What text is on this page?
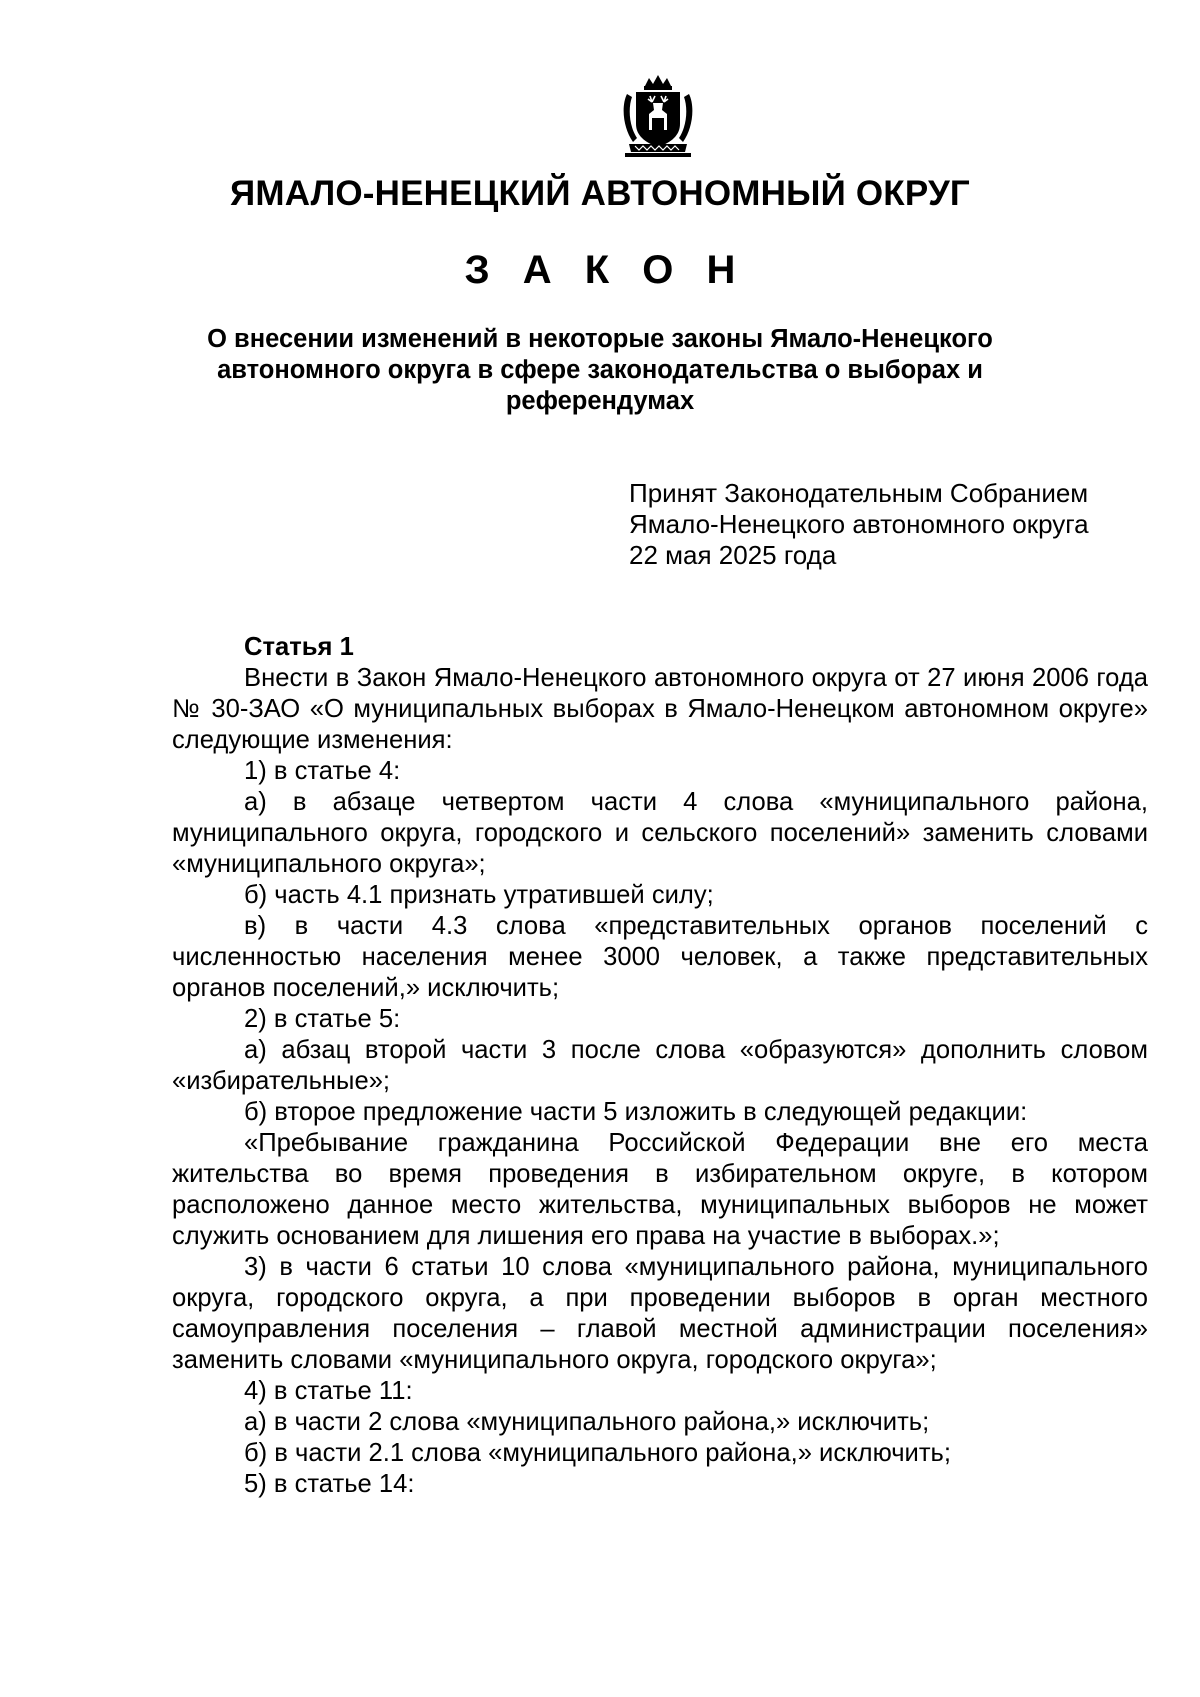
ЯМАЛО-НЕНЕЦКИЙ АВТОНОМНЫЙ ОКРУГ
З А К О Н
О внесении изменений в некоторые законы Ямало-Ненецкого автономного округа в сфере законодательства о выборах и референдумах
Принят Законодательным Собранием
Ямало-Ненецкого автономного округа
22 мая 2025 года

Статья 1

Внести в Закон Ямало-Ненецкого автономного округа от 27 июня 2006 года № 30-ЗАО «О муниципальных выборах в Ямало-Ненецком автономном округе» следующие изменения:

1) в статье 4:

а) в абзаце четвертом части 4 слова «муниципального района, муниципального округа, городского и сельского поселений» заменить словами «муниципального округа»;

б) часть 4.1 признать утратившей силу;

в) в части 4.3 слова «представительных органов поселений с численностью населения менее 3000 человек, а также представительных органов поселений,» исключить;

2) в статье 5:

а) абзац второй части 3 после слова «образуются» дополнить словом «избирательные»;

б) второе предложение части 5 изложить в следующей редакции:

«Пребывание гражданина Российской Федерации вне его места жительства во время проведения в избирательном округе, в котором расположено данное место жительства, муниципальных выборов не может служить основанием для лишения его права на участие в выборах.»;

3) в части 6 статьи 10 слова «муниципального района, муниципального округа, городского округа, а при проведении выборов в орган местного самоуправления поселения – главой местной администрации поселения» заменить словами «муниципального округа, городского округа»;

4) в статье 11:

а) в части 2 слова «муниципального района,» исключить;

б) в части 2.1 слова «муниципального района,» исключить;

5) в статье 14:
